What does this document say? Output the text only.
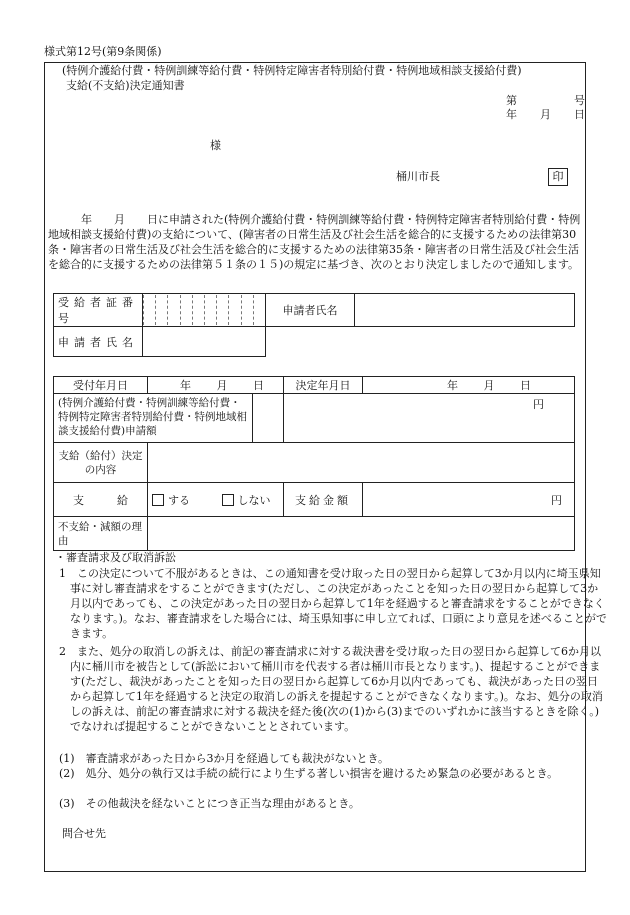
様式第12号(第9条関係)
(特例介護給付費・特例訓練等給付費・特例特定障害者特別給付費・特例地域相談支援給付費)
支給(不支給)決定通知書
第	号
年 月 日
様
桶川市長	印
　　　年　　月　　日に申請された(特例介護給付費・特例訓練等給付費・特例特定障害者特別給付費・特例地域相談支援給付費)の支給について、(障害者の日常生活及び社会生活を総合的に支援するための法律第30条・障害者の日常生活及び社会生活を総合的に支援するための法律第35条・障害者の日常生活及び社会生活を総合的に支援するための法律第５１条の１５)の規定に基づき、次のとおり決定しましたので通知します。
受給者証番号		申請者氏名	
申請者氏名			
受付年月日	年 月 日	決定年月日	年 月 日

(特例介護給付費・特例訓練等給付費・特例特定障害者特別給付費・特例地域相談支援給付費)申請額		円	
支給（給付）決定の内容			
支　　　給	する しない	支給金額	円
不支給・減額の理由			
・審査請求及び取消訴訟
1　この決定について不服があるときは、この通知書を受け取った日の翌日から起算して3か月以内に埼玉県知事に対し審査請求をすることができます(ただし、この決定があったことを知った日の翌日から起算して3か月以内であっても、この決定があった日の翌日から起算して1年を経過すると審査請求をすることができなくなります。)。なお、審査請求をした場合には、埼玉県知事に申し立てれば、口頭により意見を述べることができます。
2　また、処分の取消しの訴えは、前記の審査請求に対する裁決書を受け取った日の翌日から起算して6か月以内に桶川市を被告として(訴訟において桶川市を代表する者は桶川市長となります。)、提起することができます(ただし、裁決があったことを知った日の翌日から起算して6か月以内であっても、裁決があった日の翌日から起算して1年を経過すると決定の取消しの訴えを提起することができなくなります。)。なお、処分の取消しの訴えは、前記の審査請求に対する裁決を経た後(次の(1)から(3)までのいずれかに該当するときを除く。)でなければ提起することができないこととされています。
(1)　審査請求があった日から3か月を経過しても裁決がないとき。
(2)　処分、処分の執行又は手続の続行により生ずる著しい損害を避けるため緊急の必要があるとき。
(3)　その他裁決を経ないことにつき正当な理由があるとき。
問合せ先
